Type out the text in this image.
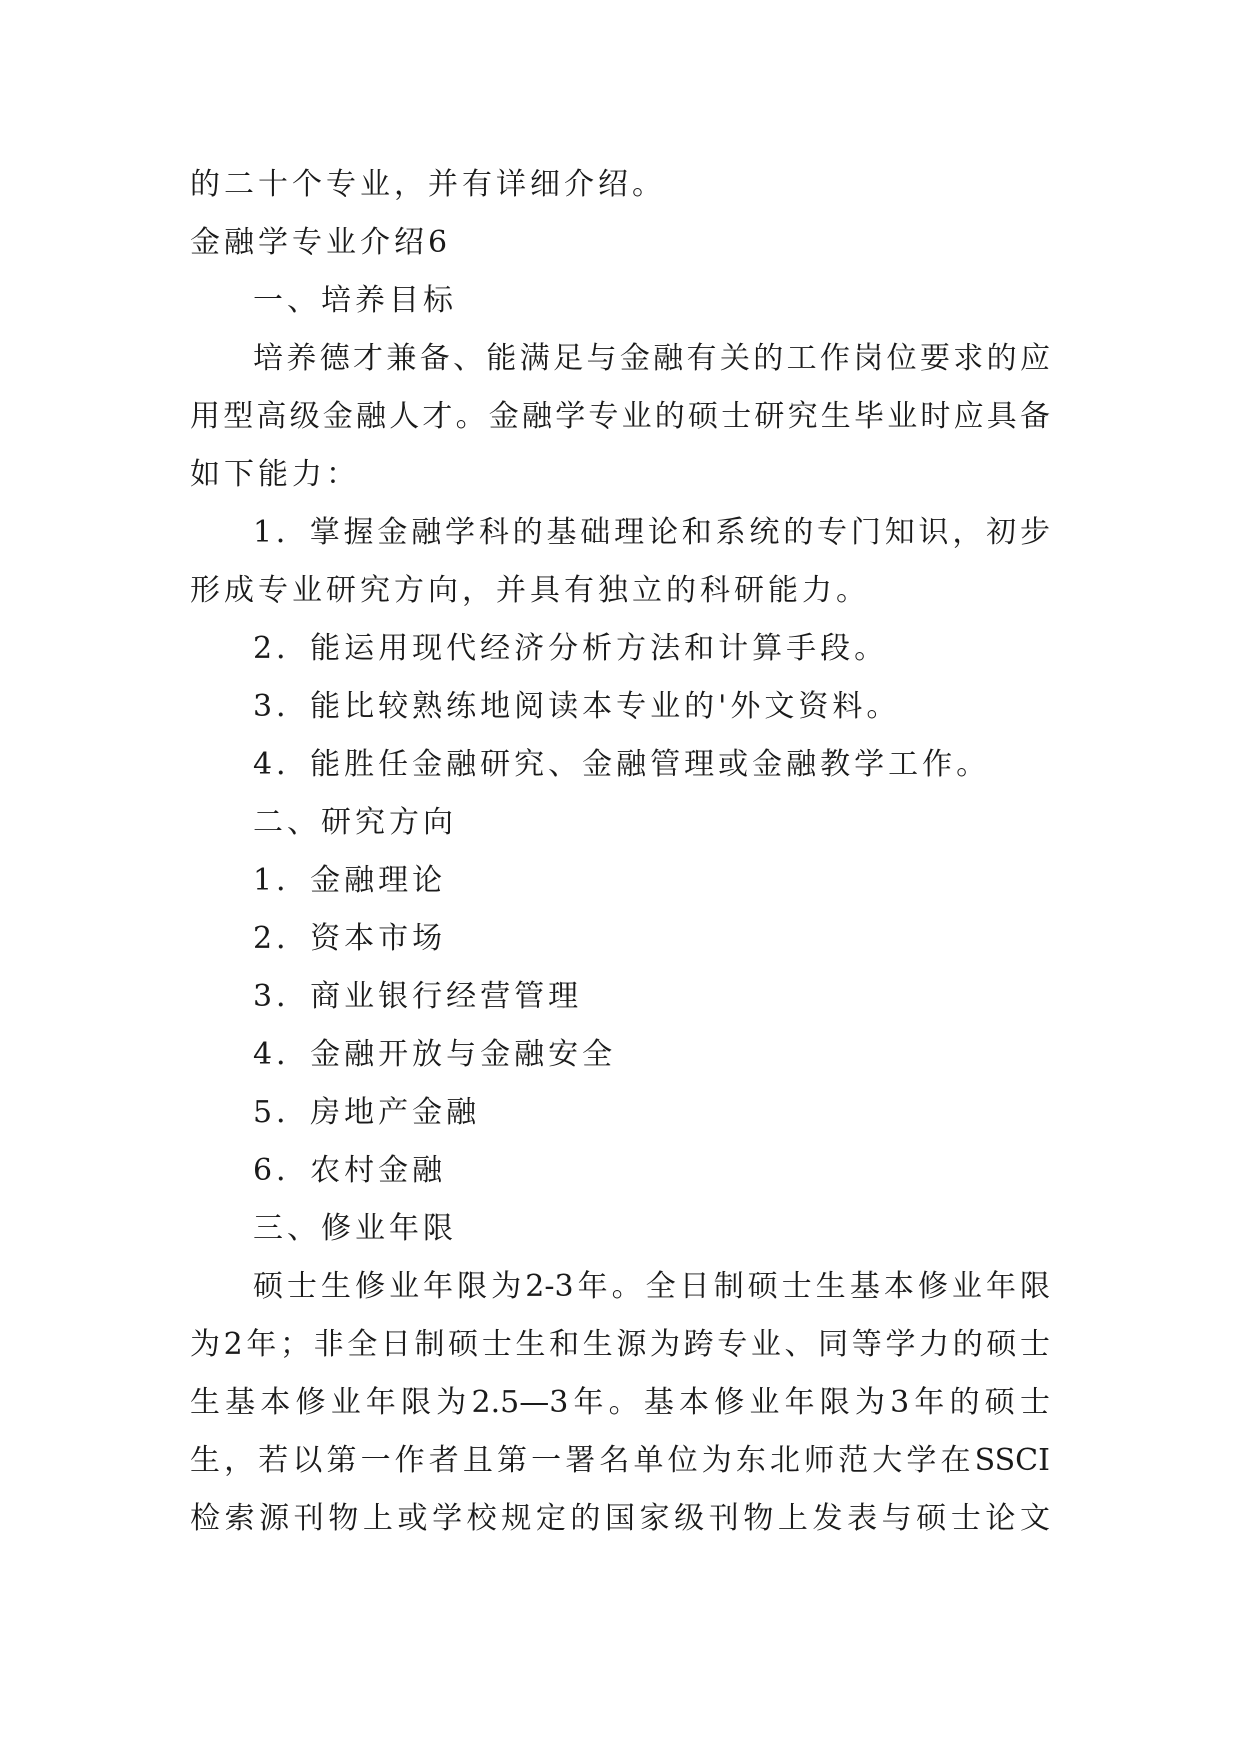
的二十个专业，并有详细介绍。
金融学专业介绍6
一、培养目标
培养德才兼备、能满足与金融有关的工作岗位要求的应
用型高级金融人才。金融学专业的硕士研究生毕业时应具备
如下能力：
1．掌握金融学科的基础理论和系统的专门知识，初步
形成专业研究方向，并具有独立的科研能力。
2．能运用现代经济分析方法和计算手段。
3．能比较熟练地阅读本专业的'外文资料。
4．能胜任金融研究、金融管理或金融教学工作。
二、研究方向
1．金融理论
2．资本市场
3．商业银行经营管理
4．金融开放与金融安全
5．房地产金融
6．农村金融
三、修业年限
硕士生修业年限为2-3年。全日制硕士生基本修业年限
为2年；非全日制硕士生和生源为跨专业、同等学力的硕士
生基本修业年限为2.5—3年。基本修业年限为3年的硕士
生，若以第一作者且第一署名单位为东北师范大学在SSCI
检索源刊物上或学校规定的国家级刊物上发表与硕士论文
